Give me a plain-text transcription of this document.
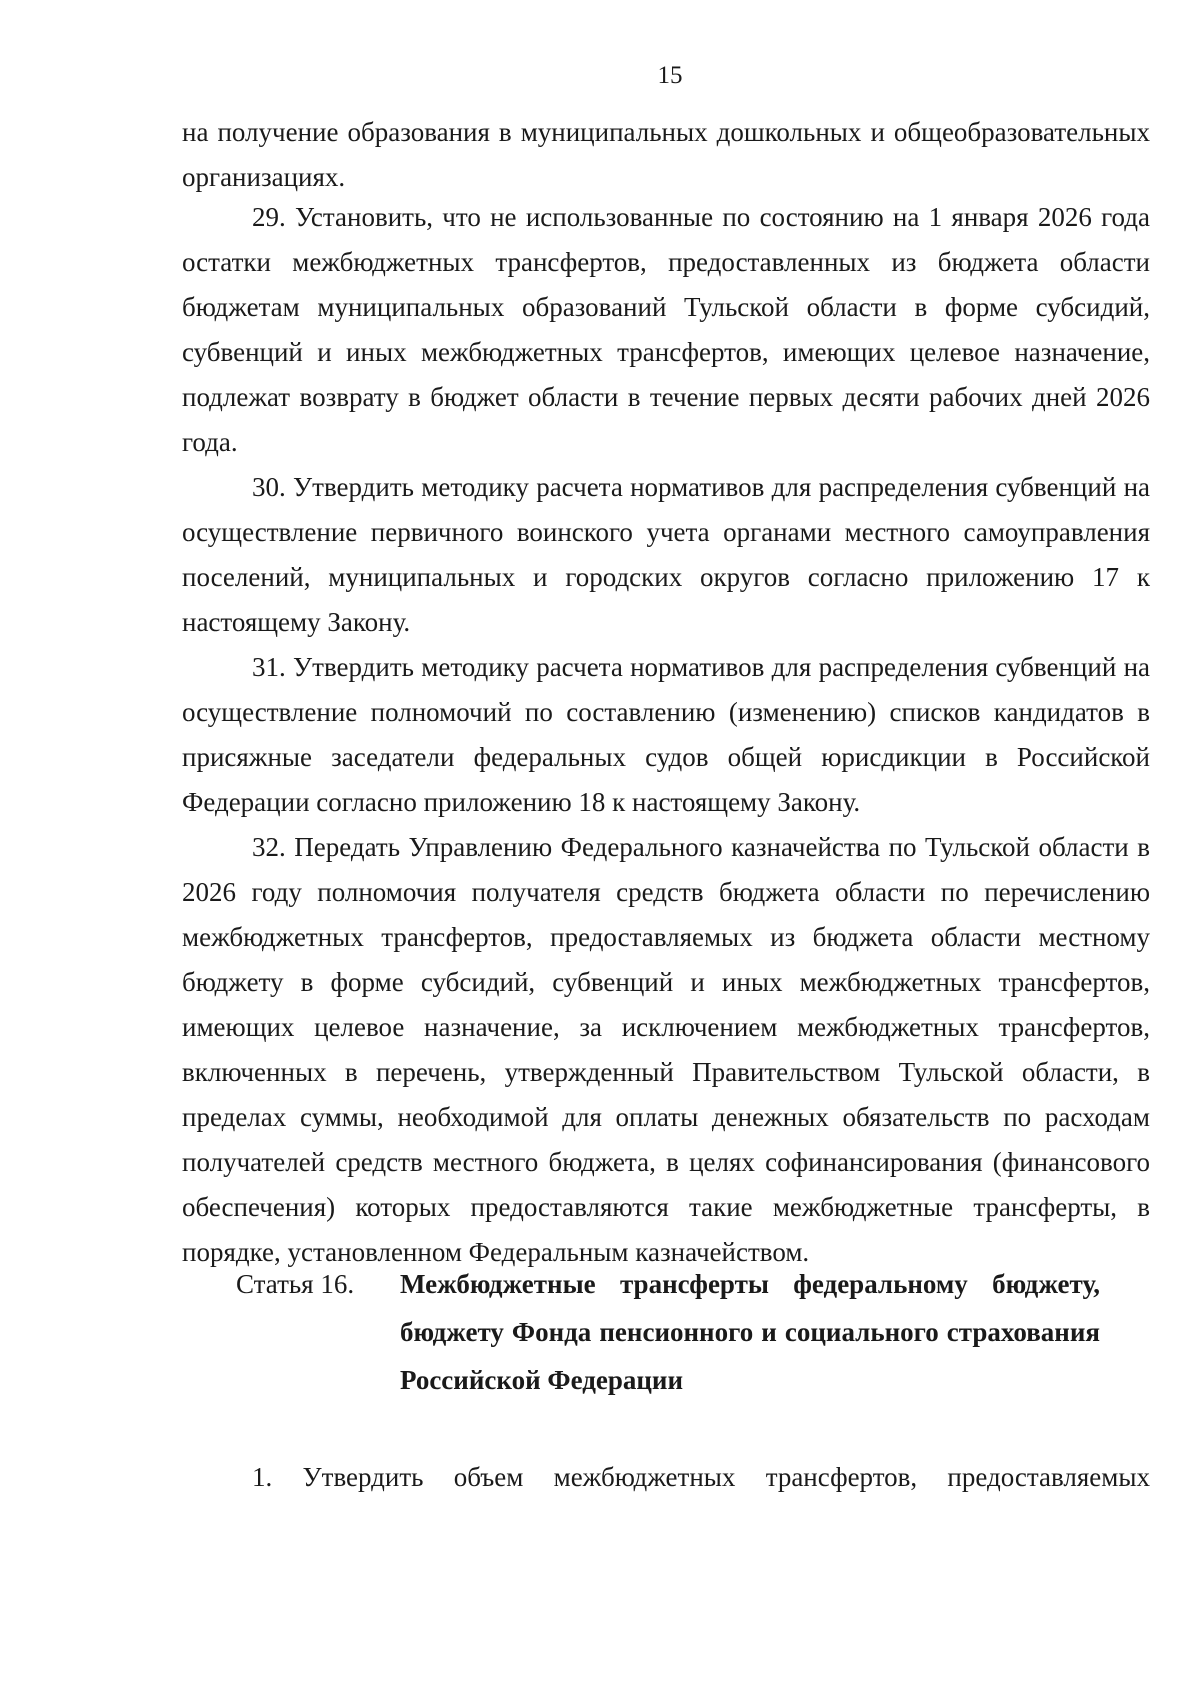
15

на получение образования в муниципальных дошкольных и общеобразовательных организациях.

29. Установить, что не использованные по состоянию на 1 января 2026 года остатки межбюджетных трансфертов, предоставленных из бюджета области бюджетам муниципальных образований Тульской области в форме субсидий, субвенций и иных межбюджетных трансфертов, имеющих целевое назначение, подлежат возврату в бюджет области в течение первых десяти рабочих дней 2026 года.

30. Утвердить методику расчета нормативов для распределения субвенций на осуществление первичного воинского учета органами местного самоуправления поселений, муниципальных и городских округов согласно приложению 17 к настоящему Закону.

31. Утвердить методику расчета нормативов для распределения субвенций на осуществление полномочий по составлению (изменению) списков кандидатов в присяжные заседатели федеральных судов общей юрисдикции в Российской Федерации согласно приложению 18 к настоящему Закону.

32. Передать Управлению Федерального казначейства по Тульской области в 2026 году полномочия получателя средств бюджета области по перечислению межбюджетных трансфертов, предоставляемых из бюджета области местному бюджету в форме субсидий, субвенций и иных межбюджетных трансфертов, имеющих целевое назначение, за исключением межбюджетных трансфертов, включенных в перечень, утвержденный Правительством Тульской области, в пределах суммы, необходимой для оплаты денежных обязательств по расходам получателей средств местного бюджета, в целях софинансирования (финансового обеспечения) которых предоставляются такие межбюджетные трансферты, в порядке, установленном Федеральным казначейством.

Статья 16. Межбюджетные трансферты федеральному бюджету, бюджету Фонда пенсионного и социального страхования Российской Федерации

1. Утвердить объем межбюджетных трансфертов, предоставляемых
